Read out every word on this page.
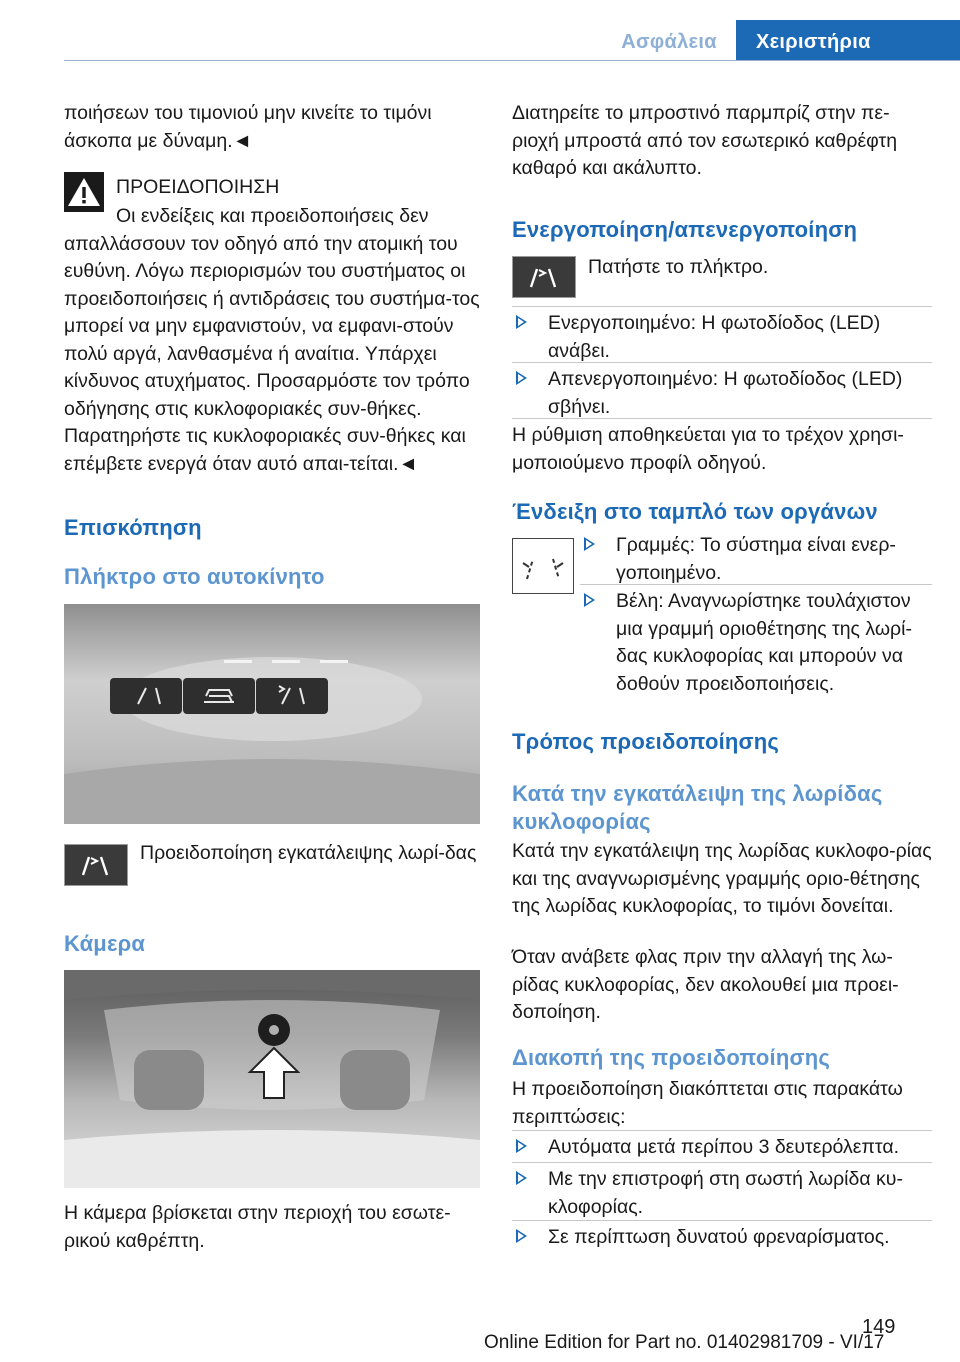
Ασφάλεια	Χειριστήρια

ποιήσεων του τιμονιού μην κινείτε το τιμόνι άσκοπα με δύναμη.◄

ΠΡΟΕΙΔΟΠΟΙΗΣΗ

Οι ενδείξεις και προειδοποιήσεις δεν απαλλάσσουν τον οδηγό από την ατομική του ευθύνη. Λόγω περιορισμών του συστήματος οι προειδοποιήσεις ή αντιδράσεις του συστήμα-τος μπορεί να μην εμφανιστούν, να εμφανι-στούν πολύ αργά, λανθασμένα ή αναίτια. Υπάρχει κίνδυνος ατυχήματος. Προσαρμόστε τον τρόπο οδήγησης στις κυκλοφοριακές συν-θήκες. Παρατηρήστε τις κυκλοφοριακές συν-θήκες και επέμβετε ενεργά όταν αυτό απαι-τείται.◄

Επισκόπηση

Πλήκτρο στο αυτοκίνητο

Προειδοποίηση εγκατάλειψης λωρί-δας

Κάμερα

Η κάμερα βρίσκεται στην περιοχή του εσωτε-ρικού καθρέπτη.

Διατηρείτε το μπροστινό παρμπρίζ στην πε-ριοχή μπροστά από τον εσωτερικό καθρέφτη καθαρό και ακάλυπτο.

Ενεργοποίηση/απενεργοποίηση

Πατήστε το πλήκτρο.

Ενεργοποιημένο: Η φωτοδίοδος (LED) ανάβει.

Απενεργοποιημένο: Η φωτοδίοδος (LED) σβήνει.

Η ρύθμιση αποθηκεύεται για το τρέχον χρησι-μοποιούμενο προφίλ οδηγού.

Ένδειξη στο ταμπλό των οργάνων

Γραμμές: Το σύστημα είναι ενερ-γοποιημένο.

Βέλη: Αναγνωρίστηκε τουλάχιστον μια γραμμή οριοθέτησης της λωρί-δας κυκλοφορίας και μπορούν να δοθούν προειδοποιήσεις.

Τρόπος προειδοποίησης

Κατά την εγκατάλειψη της λωρίδας κυκλοφορίας

Κατά την εγκατάλειψη της λωρίδας κυκλοφο-ρίας και της αναγνωρισμένης γραμμής οριο-θέτησης της λωρίδας κυκλοφορίας, το τιμόνι δονείται.

Όταν ανάβετε φλας πριν την αλλαγή της λω-ρίδας κυκλοφορίας, δεν ακολουθεί μια προει-δοποίηση.

Διακοπή της προειδοποίησης

Η προειδοποίηση διακόπτεται στις παρακάτω περιπτώσεις:

Αυτόματα μετά περίπου 3 δευτερόλεπτα.

Με την επιστροφή στη σωστή λωρίδα κυ-κλοφορίας.

Σε περίπτωση δυνατού φρεναρίσματος.

149
Online Edition for Part no. 01402981709 - VI/17
